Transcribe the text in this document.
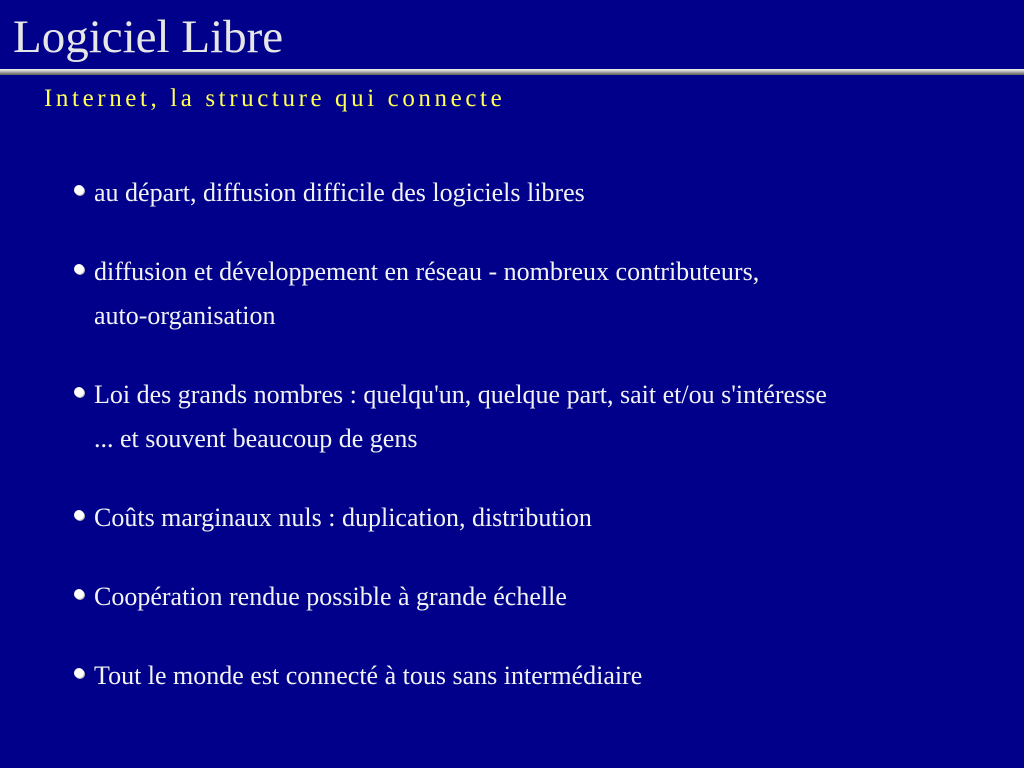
Logiciel Libre
Internet, la structure qui connecte
au départ, diffusion difficile des logiciels libres
diffusion et développement en réseau - nombreux contributeurs,
auto-organisation
Loi des grands nombres : quelqu'un, quelque part, sait et/ou s'intéresse
... et souvent beaucoup de gens
Coûts marginaux nuls : duplication, distribution
Coopération rendue possible à grande échelle
Tout le monde est connecté à tous sans intermédiaire
